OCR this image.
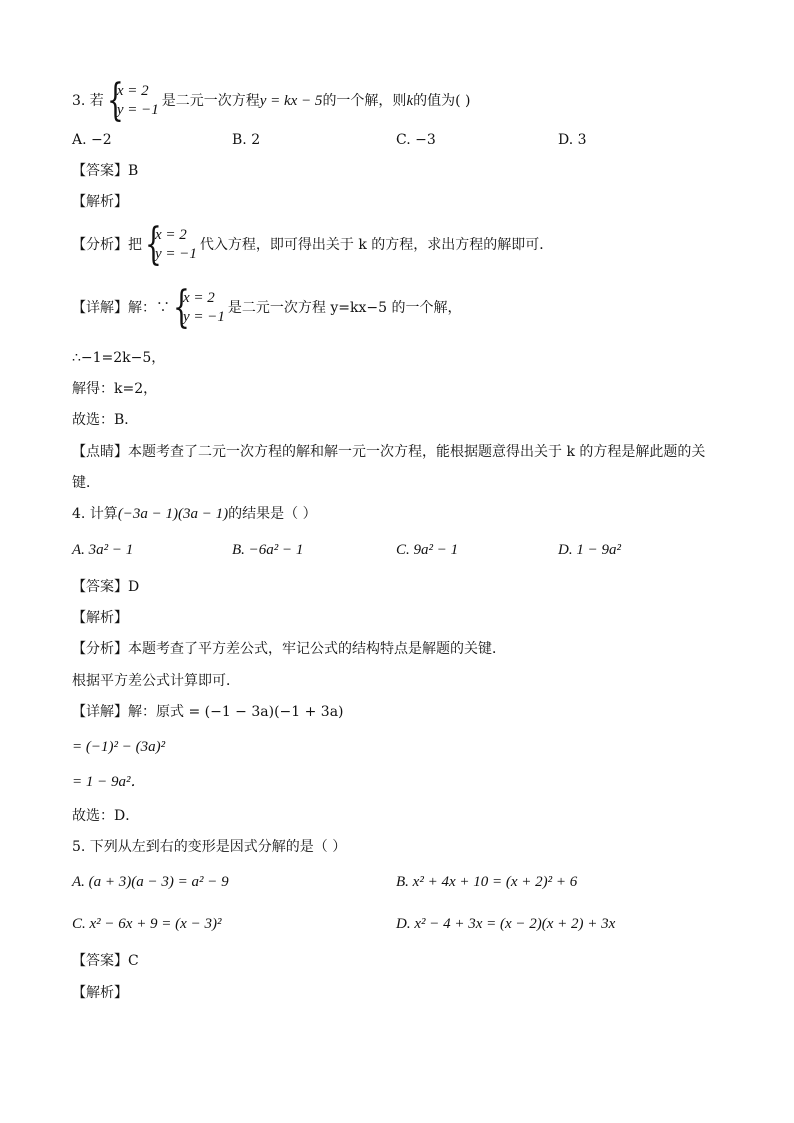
3. 若 {
x = 2
y = −1
是二元一次方程y = kx − 5的一个解，则k的值为( )
A. −2	B. 2	C. −3	D. 3
【答案】B
【解析】
【分析】把 {
x = 2
y = −1
代入方程，即可得出关于 k 的方程，求出方程的解即可．
【详解】解：∵ {
x = 2
y = −1
是二元一次方程 y=kx−5 的一个解，
∴−1=2k−5，
解得：k=2，
故选：B．
【点睛】本题考查了二元一次方程的解和解一元一次方程，能根据题意得出关于 k 的方程是解此题的关
键．
4. 计算(−3a − 1)(3a − 1)的结果是（ ）
A. 3a² − 1	B. −6a² − 1	C. 9a² − 1	D. 1 − 9a²
【答案】D
【解析】
【分析】本题考查了平方差公式，牢记公式的结构特点是解题的关键．
根据平方差公式计算即可．
【详解】解：原式 = (−1 − 3a)(−1 + 3a)
= (−1)² − (3a)²
= 1 − 9a²．
故选：D．
5. 下列从左到右的变形是因式分解的是（ ）
A. (a + 3)(a − 3) = a² − 9	B. x² + 4x + 10 = (x + 2)² + 6
C. x² − 6x + 9 = (x − 3)²	D. x² − 4 + 3x = (x − 2)(x + 2) + 3x
【答案】C
【解析】
